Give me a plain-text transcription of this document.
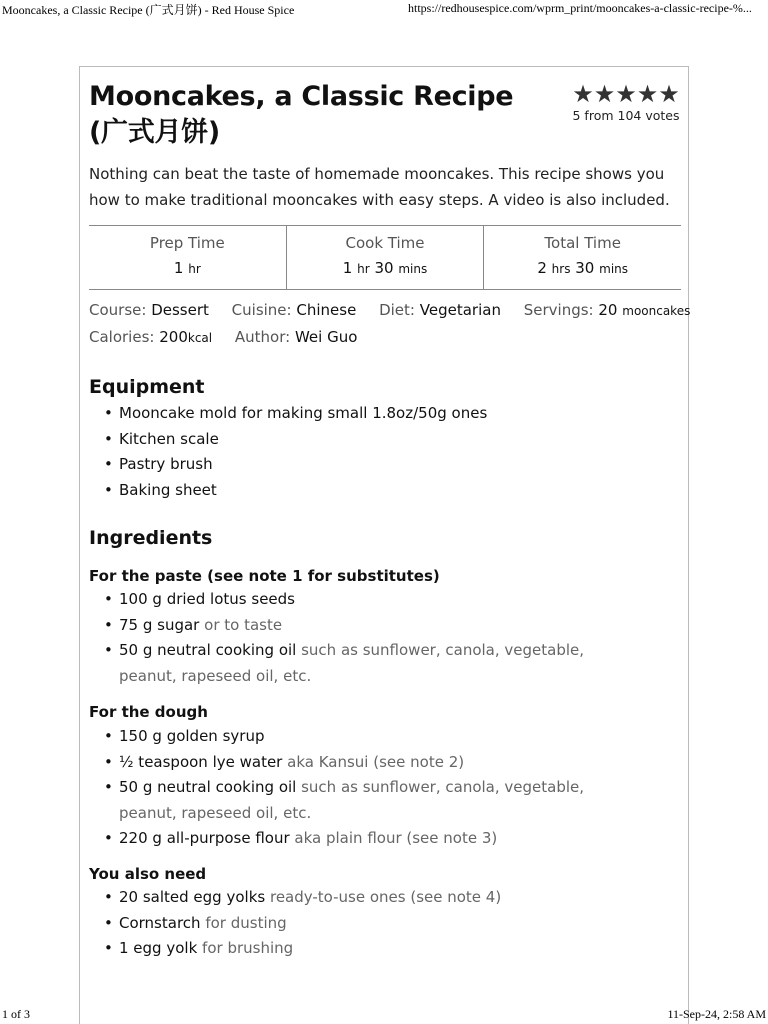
Mooncakes, a Classic Recipe (广式月饼) - Red House Spice	https://redhousespice.com/wprm_print/mooncakes-a-classic-recipe-%...
Mooncakes, a Classic Recipe (广式月饼)
★ ★ ★ ★ ★
5 from 104 votes

Nothing can beat the taste of homemade mooncakes. This recipe shows you how to make traditional mooncakes with easy steps. A video is also included.

Prep Time
1 hr
Cook Time
1 hr 30 mins
Total Time
2 hrs 30 mins
Course: Dessert Cuisine: Chinese Diet: Vegetarian Servings: 20 mooncakes
Calories: 200kcal Author: Wei Guo
Equipment
• Mooncake mold for making small 1.8oz/50g ones
• Kitchen scale
• Pastry brush
• Baking sheet
Ingredients
For the paste (see note 1 for substitutes)
• 100 g dried lotus seeds
• 75 g sugar or to taste
• 50 g neutral cooking oil such as sunflower, canola, vegetable, peanut, rapeseed oil, etc.
For the dough
• 150 g golden syrup
• ½ teaspoon lye water aka Kansui (see note 2)
• 50 g neutral cooking oil such as sunflower, canola, vegetable, peanut, rapeseed oil, etc.
• 220 g all-purpose flour aka plain flour (see note 3)
You also need
• 20 salted egg yolks ready-to-use ones (see note 4)
• Cornstarch for dusting
• 1 egg yolk for brushing
1 of 3	11-Sep-24, 2:58 AM
